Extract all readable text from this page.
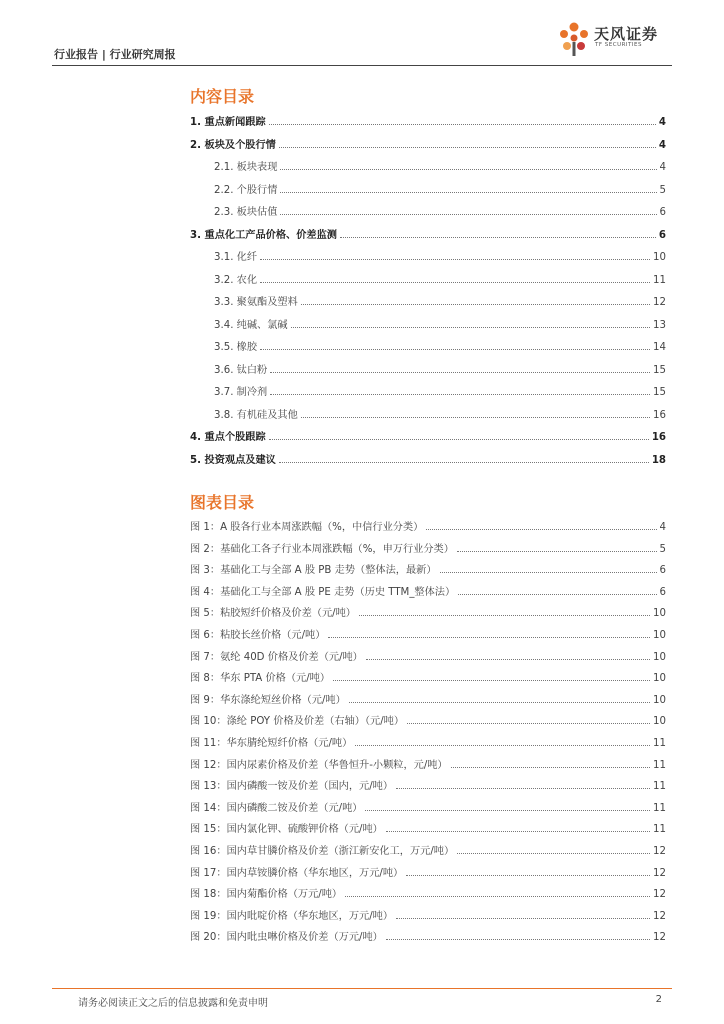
行业报告 | 行业研究周报
天风证券
TF SECURITIES
内容目录
1. 重点新闻跟踪	4
2. 板块及个股行情	4
2.1. 板块表现	4
2.2. 个股行情	5
2.3. 板块估值	6
3. 重点化工产品价格、价差监测	6
3.1. 化纤	10
3.2. 农化	11
3.3. 聚氨酯及塑料	12
3.4. 纯碱、氯碱	13
3.5. 橡胶	14
3.6. 钛白粉	15
3.7. 制冷剂	15
3.8. 有机硅及其他	16
4. 重点个股跟踪	16
5. 投资观点及建议	18
图表目录
图 1：A 股各行业本周涨跌幅（%，中信行业分类）	4
图 2：基础化工各子行业本周涨跌幅（%，申万行业分类）	5
图 3：基础化工与全部 A 股 PB 走势（整体法，最新）	6
图 4：基础化工与全部 A 股 PE 走势（历史 TTM_整体法）	6
图 5：粘胶短纤价格及价差（元/吨）	10
图 6：粘胶长丝价格（元/吨）	10
图 7：氨纶 40D 价格及价差（元/吨）	10
图 8：华东 PTA 价格（元/吨）	10
图 9：华东涤纶短丝价格（元/吨）	10
图 10：涤纶 POY 价格及价差（右轴）（元/吨）	10
图 11：华东腈纶短纤价格（元/吨）	11
图 12：国内尿素价格及价差（华鲁恒升-小颗粒，元/吨）	11
图 13：国内磷酸一铵及价差（国内，元/吨）	11
图 14：国内磷酸二铵及价差（元/吨）	11
图 15：国内氯化钾、硫酸钾价格（元/吨）	11
图 16：国内草甘膦价格及价差（浙江新安化工，万元/吨）	12
图 17：国内草铵膦价格（华东地区，万元/吨）	12
图 18：国内菊酯价格（万元/吨）	12
图 19：国内吡啶价格（华东地区，万元/吨）	12
图 20：国内吡虫啉价格及价差（万元/吨）	12
请务必阅读正文之后的信息披露和免责申明	2
